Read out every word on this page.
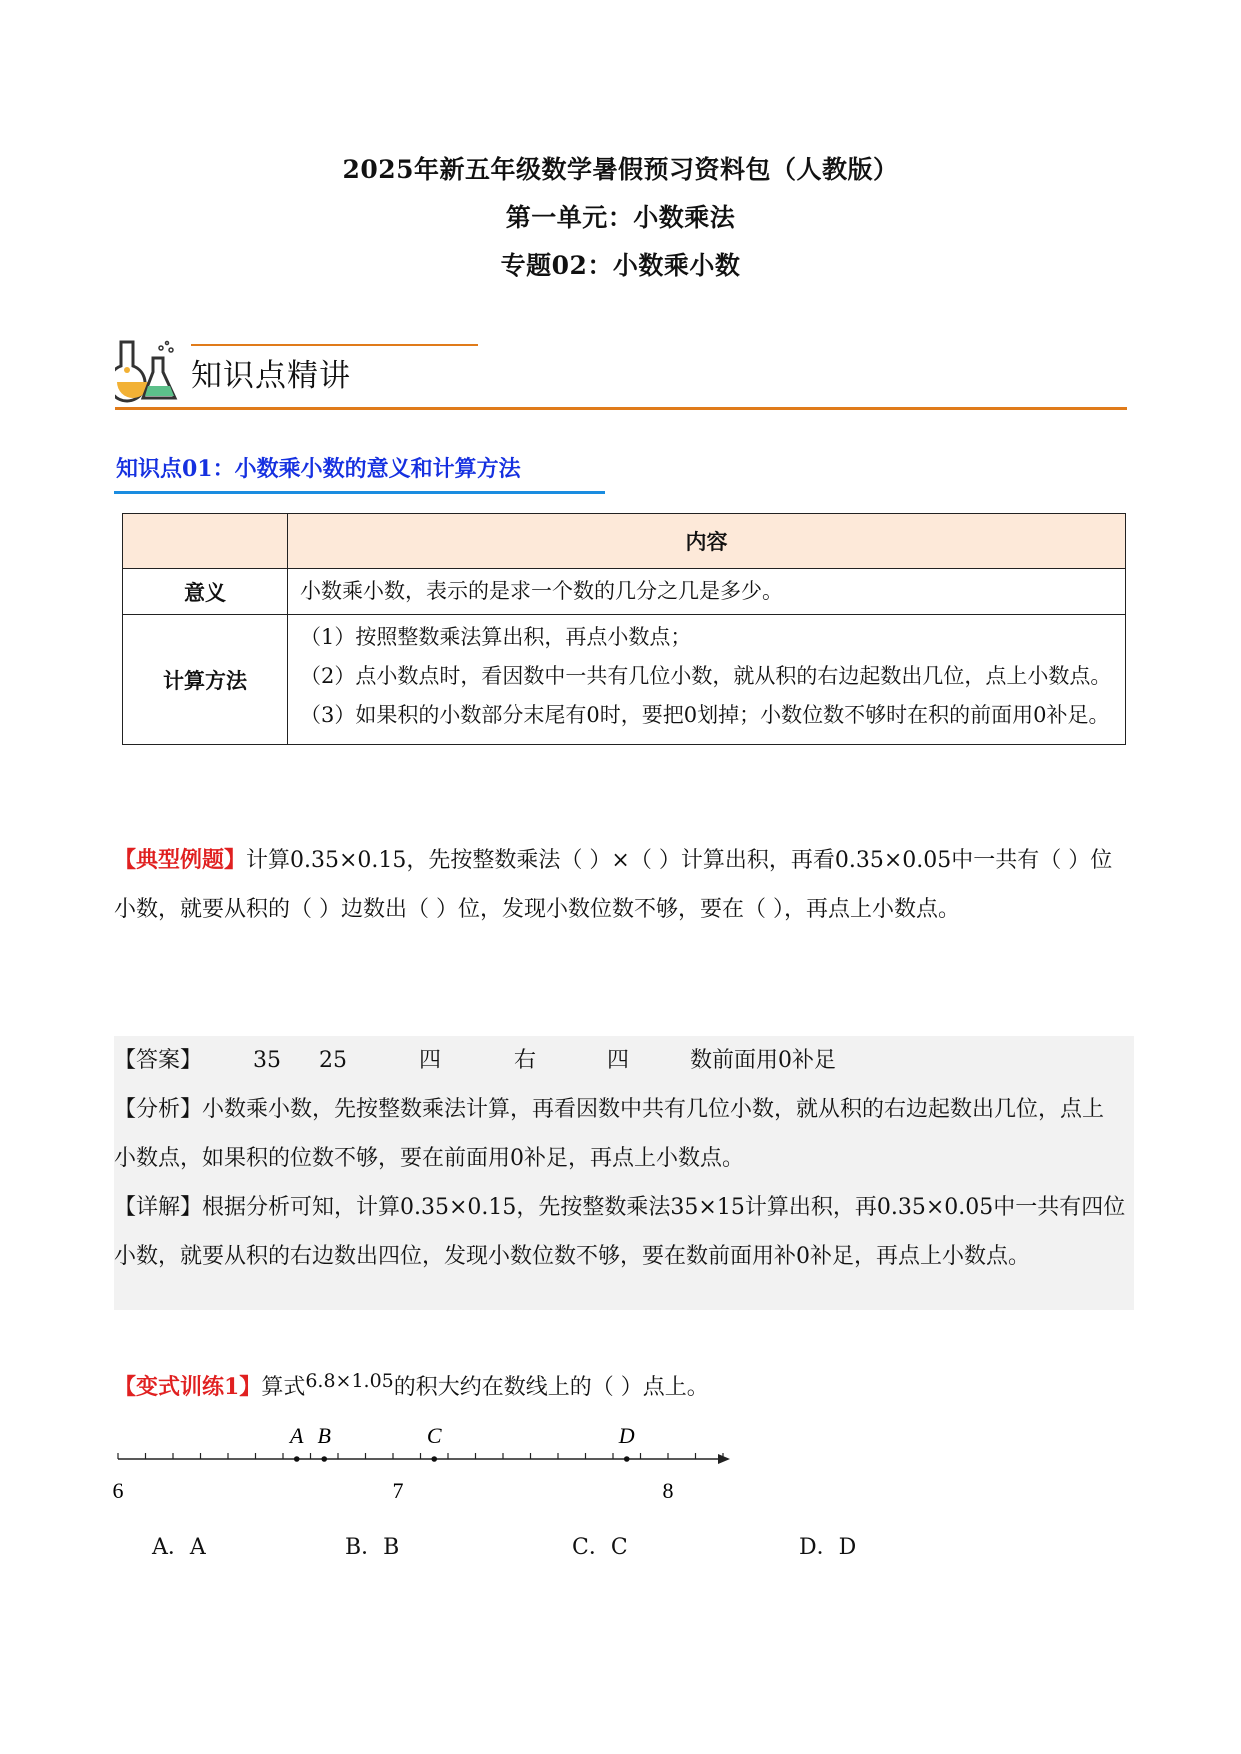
2025年新五年级数学暑假预习资料包（人教版）
第一单元：小数乘法
专题02：小数乘小数
知识点精讲
知识点01：小数乘小数的意义和计算方法
	内容
意义	小数乘小数，表示的是求一个数的几分之几是多少。

计算方法	（1）按照整数乘法算出积，再点小数点；

（2）点小数点时，看因数中一共有几位小数，就从积的右边起数出几位，点上小数点。

（3）如果积的小数部分末尾有0时，要把0划掉；小数位数不够时在积的前面用0补足。

【典型例题】计算0.35×0.15，先按整数乘法（ ）×（ ）计算出积，再看0.35×0.05中一共有（ ）位小数，就要从积的（ ）边数出（ ）位，发现小数位数不够，要在（ ），再点上小数点。
【答案】 35 25	四	右	四	数前面用0补足
【分析】小数乘小数，先按整数乘法计算，再看因数中共有几位小数，就从积的右边起数出几位，点上小数点，如果积的位数不够，要在前面用0补足，再点上小数点。
【详解】根据分析可知，计算0.35×0.15，先按整数乘法35×15计算出积，再0.35×0.05中一共有四位小数，就要从积的右边数出四位，发现小数位数不够，要在数前面用补0补足，再点上小数点。
【变式训练1】算式6.8×1.05的积大约在数线上的（ ）点上。
A B	C	D
6	7	8
A．A	B．B	C．C	D．D
